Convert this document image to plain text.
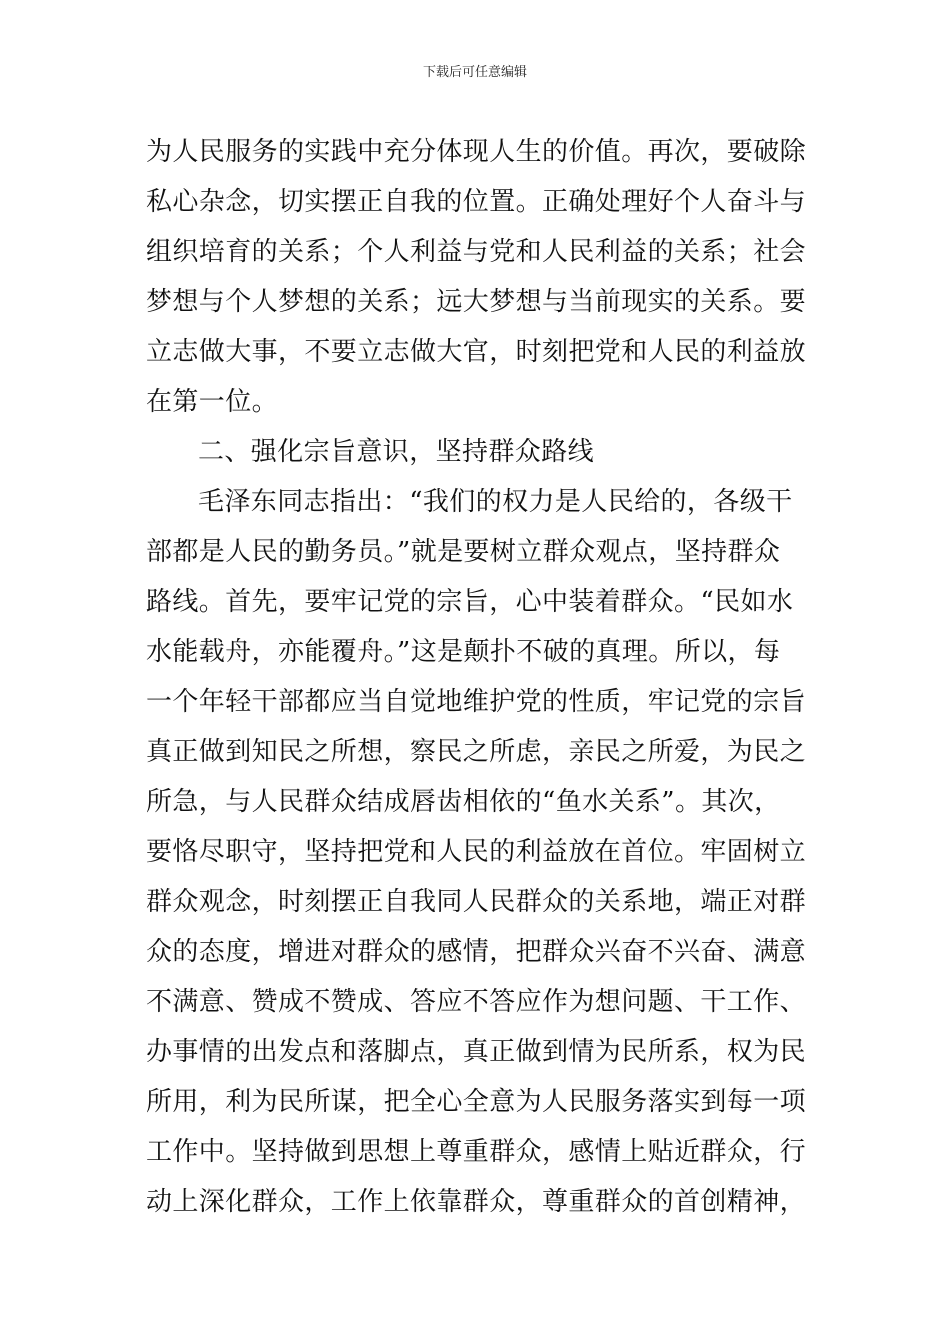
下载后可任意编辑
为人民服务的实践中充分体现人生的价值。再次，要破除
私心杂念，切实摆正自我的位置。正确处理好个人奋斗与
组织培育的关系；个人利益与党和人民利益的关系；社会
梦想与个人梦想的关系；远大梦想与当前现实的关系。要
立志做大事，不要立志做大官，时刻把党和人民的利益放
在第一位。
二、强化宗旨意识，坚持群众路线
毛泽东同志指出：“我们的权力是人民给的，各级干
部都是人民的勤务员。”就是要树立群众观点，坚持群众
路线。首先，要牢记党的宗旨，心中装着群众。“民如水
水能载舟，亦能覆舟。”这是颠扑不破的真理。所以，每
一个年轻干部都应当自觉地维护党的性质，牢记党的宗旨
真正做到知民之所想，察民之所虑，亲民之所爱，为民之
所急，与人民群众结成唇齿相依的“鱼水关系”。其次，
要恪尽职守，坚持把党和人民的利益放在首位。牢固树立
群众观念，时刻摆正自我同人民群众的关系地，端正对群
众的态度，增进对群众的感情，把群众兴奋不兴奋、满意
不满意、赞成不赞成、答应不答应作为想问题、干工作、
办事情的出发点和落脚点，真正做到情为民所系，权为民
所用，利为民所谋，把全心全意为人民服务落实到每一项
工作中。坚持做到思想上尊重群众，感情上贴近群众，行
动上深化群众，工作上依靠群众，尊重群众的首创精神，
